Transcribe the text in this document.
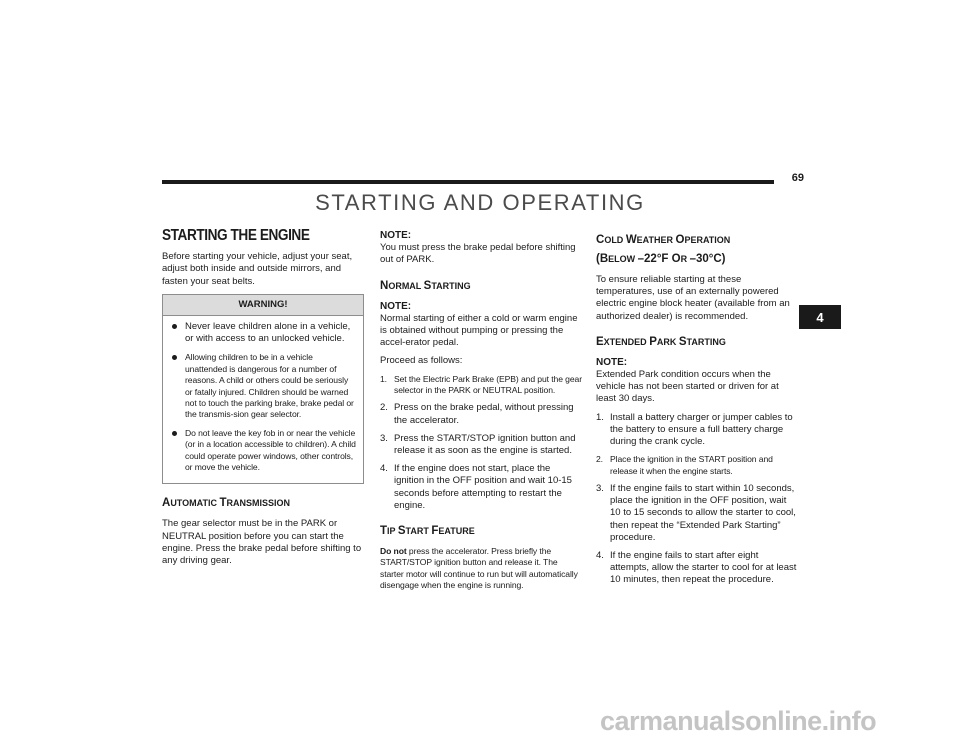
69
STARTING AND OPERATING
4
STARTING THE ENGINE

Before starting your vehicle, adjust your seat, adjust both inside and outside mirrors, and fasten your seat belts.

WARNING!
Never leave children alone in a vehicle, or with access to an unlocked vehicle.
Allowing children to be in a vehicle unattended is dangerous for a number of reasons. A child or others could be seriously or fatally injured. Children should be warned not to touch the parking brake, brake pedal or the transmis-sion gear selector.
Do not leave the key fob in or near the vehicle (or in a location accessible to children). A child could operate power windows, other controls, or move the vehicle.
AUTOMATIC TRANSMISSION

The gear selector must be in the PARK or NEUTRAL position before you can start the engine. Press the brake pedal before shifting to any driving gear.

NOTE:
You must press the brake pedal before shifting out of PARK.

NORMAL STARTING

NOTE:
Normal starting of either a cold or warm engine is obtained without pumping or pressing the accel-erator pedal.

Proceed as follows:

1. Set the Electric Park Brake (EPB) and put the gear selector in the PARK or NEUTRAL position.
2. Press on the brake pedal, without pressing the accelerator.
3. Press the START/STOP ignition button and release it as soon as the engine is started.
4. If the engine does not start, place the ignition in the OFF position and wait 10-15 seconds before attempting to restart the engine.
TIP START FEATURE

Do not press the accelerator. Press briefly the START/STOP ignition button and release it. The starter motor will continue to run but will automatically disengage when the engine is running.

COLD WEATHER OPERATION
(BELOW –22°F OR –30°C)

To ensure reliable starting at these temperatures, use of an externally powered electric engine block heater (available from an authorized dealer) is recommended.

EXTENDED PARK STARTING

NOTE:
Extended Park condition occurs when the vehicle has not been started or driven for at least 30 days.

1. Install a battery charger or jumper cables to the battery to ensure a full battery charge during the crank cycle.
2. Place the ignition in the START position and release it when the engine starts.
3. If the engine fails to start within 10 seconds, place the ignition in the OFF position, wait 10 to 15 seconds to allow the starter to cool, then repeat the “Extended Park Starting” procedure.
4. If the engine fails to start after eight attempts, allow the starter to cool for at least 10 minutes, then repeat the procedure.
carmanualsonline.info
